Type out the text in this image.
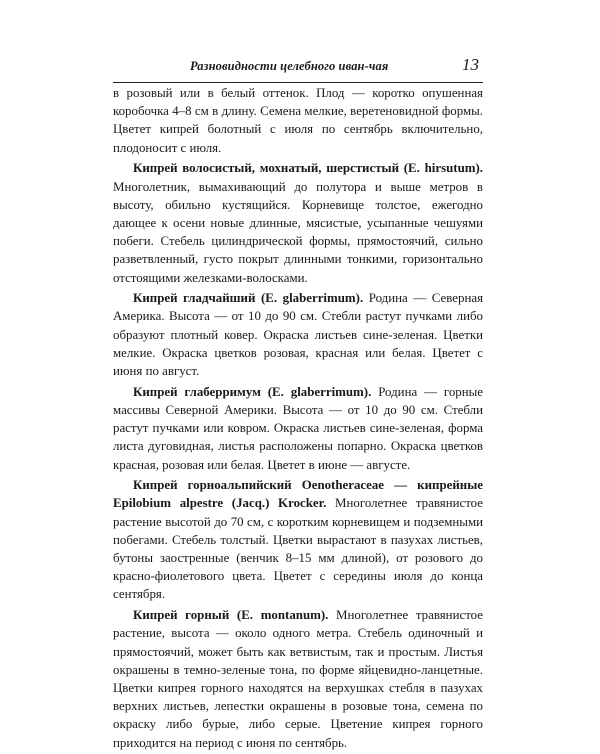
Разновидности целебного иван-чая	13

в розовый или в белый оттенок. Плод — коротко опушенная коробочка 4–8 см в длину. Семена мелкие, веретеновидной формы. Цветет кипрей болотный с июля по сентябрь включительно, плодоносит с июля.

Кипрей волосистый, мохнатый, шерстистый (E. hirsutum). Многолетник, вымахивающий до полутора и выше метров в высоту, обильно кустящийся. Корневище толстое, ежегодно дающее к осени новые длинные, мясистые, усыпанные чешуями побеги. Стебель цилиндрической формы, прямостоячий, сильно разветвленный, густо покрыт длинными тонкими, горизонтально отстоящими железками-волосками.

Кипрей гладчайший (E. glaberrimum). Родина — Северная Америка. Высота — от 10 до 90 см. Стебли растут пучками либо образуют плотный ковер. Окраска листьев сине-зеленая. Цветки мелкие. Окраска цветков розовая, красная или белая. Цветет с июня по август.

Кипрей глаберримум (E. glaberrimum). Родина — горные массивы Северной Америки. Высота — от 10 до 90 см. Стебли растут пучками или ковром. Окраска листьев сине-зеленая, форма листа дуговидная, листья расположены попарно. Окраска цветков красная, розовая или белая. Цветет в июне — августе.

Кипрей горноальпийский Oenotheraceae — кипрейные Epilobium alpestre (Jacq.) Krocker. Многолетнее травянистое растение высотой до 70 см, с коротким корневищем и подземными побегами. Стебель толстый. Цветки вырастают в пазухах листьев, бутоны заостренные (венчик 8–15 мм длиной), от розового до красно-фиолетового цвета. Цветет с середины июля до конца сентября.

Кипрей горный (E. montanum). Многолетнее травянистое растение, высота — около одного метра. Стебель одиночный и прямостоячий, может быть как ветвистым, так и простым. Листья окрашены в темно-зеленые тона, по форме яйцевидно-ланцетные. Цветки кипрея горного находятся на верхушках стебля в пазухах верхних листьев, лепестки окрашены в розовые тона, семена по окраску либо бурые, либо серые. Цветение кипрея горного приходится на период с июня по сентябрь.
